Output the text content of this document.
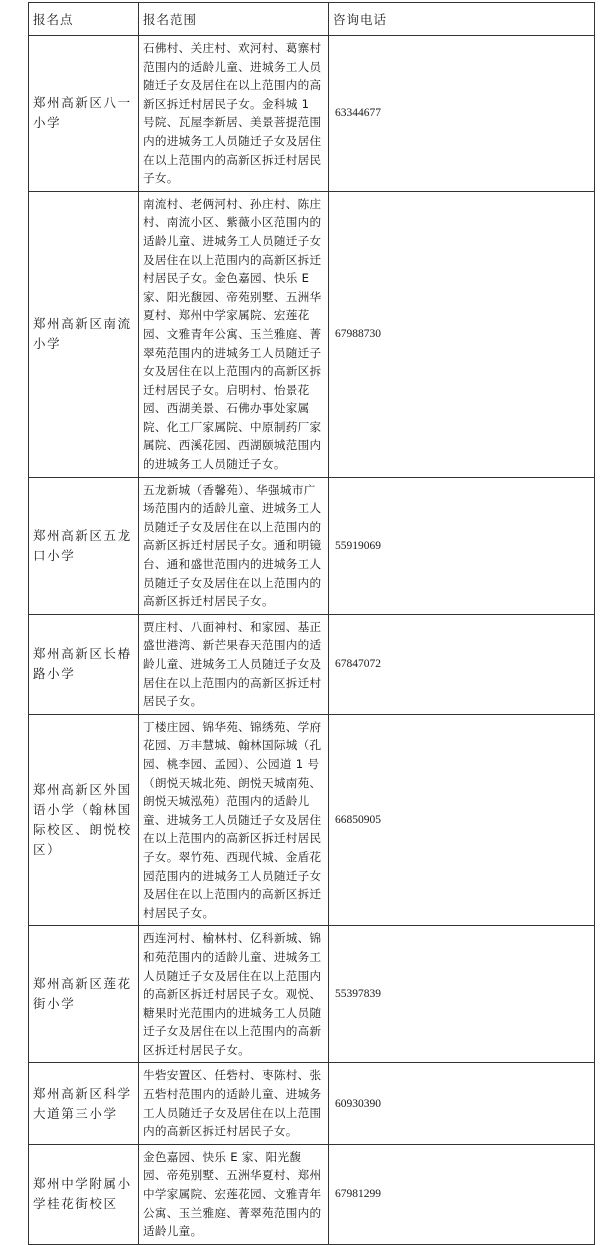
报名点	报名范围	咨询电话
郑州高新区八一小学	石佛村、关庄村、欢河村、葛寨村范围内的适龄儿童、进城务工人员随迁子女及居住在以上范围内的高新区拆迁村居民子女。金科城 1 号院、瓦屋李新居、美景菩提范围内的进城务工人员随迁子女及居住在以上范围内的高新区拆迁村居民子女。	63344677
郑州高新区南流小学	南流村、老俩河村、孙庄村、陈庄村、南流小区、紫薇小区范围内的适龄儿童、进城务工人员随迁子女及居住在以上范围内的高新区拆迁村居民子女。金色嘉园、快乐 E 家、阳光馥园、帝苑别墅、五洲华夏村、郑州中学家属院、宏莲花园、文雅青年公寓、玉兰雅庭、菁翠苑范围内的进城务工人员随迁子女及居住在以上范围内的高新区拆迁村居民子女。启明村、怡景花园、西湖美景、石佛办事处家属院、化工厂家属院、中原制药厂家属院、西溪花园、西湖颐城范围内的进城务工人员随迁子女。	67988730
郑州高新区五龙口小学	五龙新城（香馨苑）、华强城市广场范围内的适龄儿童、进城务工人员随迁子女及居住在以上范围内的高新区拆迁村居民子女。通和明镜台、通和盛世范围内的进城务工人员随迁子女及居住在以上范围内的高新区拆迁村居民子女。	55919069
郑州高新区长椿路小学	贾庄村、八面神村、和家园、基正盛世港湾、新芒果春天范围内的适龄儿童、进城务工人员随迁子女及居住在以上范围内的高新区拆迁村居民子女。	67847072
郑州高新区外国语小学（翰林国际校区、朗悦校区）	丁楼庄园、锦华苑、锦绣苑、学府花园、万丰慧城、翰林国际城（孔园、桃李园、孟园）、公园道 1 号（朗悦天城北苑、朗悦天城南苑、朗悦天城泓苑）范围内的适龄儿童、进城务工人员随迁子女及居住在以上范围内的高新区拆迁村居民子女。翠竹苑、西现代城、金盾花园范围内的进城务工人员随迁子女及居住在以上范围内的高新区拆迁村居民子女。	66850905
郑州高新区莲花街小学	西连河村、榆林村、亿科新城、锦和苑范围内的适龄儿童、进城务工人员随迁子女及居住在以上范围内的高新区拆迁村居民子女。观悦、糖果时光范围内的进城务工人员随迁子女及居住在以上范围内的高新区拆迁村居民子女。	55397839
郑州高新区科学大道第三小学	牛砦安置区、任砦村、枣陈村、张五砦村范围内的适龄儿童、进城务工人员随迁子女及居住在以上范围内的高新区拆迁村居民子女。	60930390
郑州中学附属小学桂花街校区	金色嘉园、快乐 E 家、阳光馥园、帝苑别墅、五洲华夏村、郑州中学家属院、宏莲花园、文雅青年公寓、玉兰雅庭、菁翠苑范围内的适龄儿童。	67981299
